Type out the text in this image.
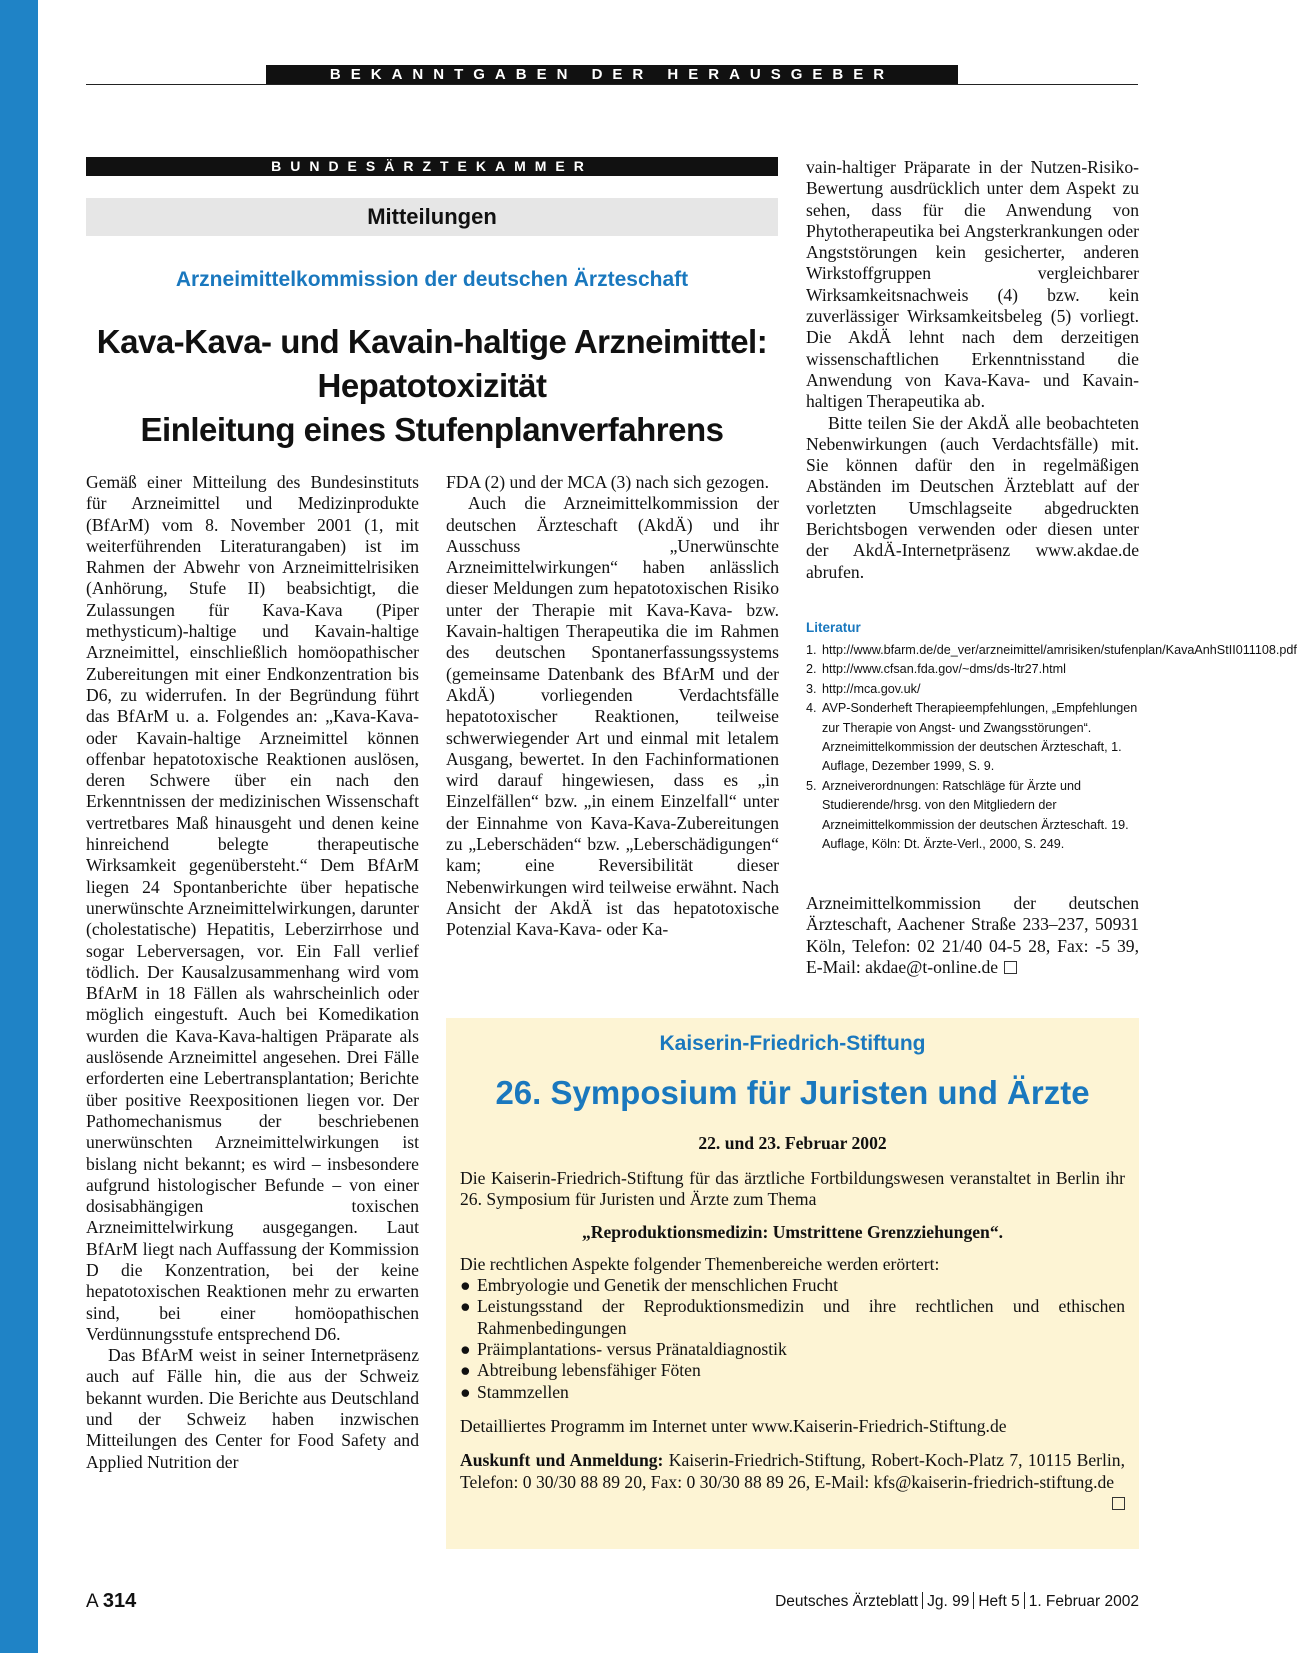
BEKANNTGABEN DER HERAUSGEBER
BUNDESÄRZTEKAMMER
Mitteilungen
Arzneimittelkommission der deutschen Ärzteschaft
Kava-Kava- und Kavain-haltige Arzneimittel:
Hepatotoxizität
Einleitung eines Stufenplanverfahrens

Gemäß einer Mitteilung des Bundesinstituts für Arzneimittel und Medizinprodukte (BfArM) vom 8. November 2001 (1, mit weiterführenden Literaturangaben) ist im Rahmen der Abwehr von Arzneimittelrisiken (Anhörung, Stufe II) beabsichtigt, die Zulassungen für Kava-Kava (Piper methysticum)-haltige und Kavain-haltige Arzneimittel, einschließlich homöopathischer Zubereitungen mit einer Endkonzentration bis D6, zu widerrufen. In der Begründung führt das BfArM u. a. Folgendes an: „Kava-Kava- oder Kavain-haltige Arzneimittel können offenbar hepatotoxische Reaktionen auslösen, deren Schwere über ein nach den Erkenntnissen der medizinischen Wissenschaft vertretbares Maß hinausgeht und denen keine hinreichend belegte therapeutische Wirksamkeit gegenübersteht.“ Dem BfArM liegen 24 Spontanberichte über hepatische unerwünschte Arzneimittelwirkungen, darunter (cholestatische) Hepatitis, Leberzirrhose und sogar Leberversagen, vor. Ein Fall verlief tödlich. Der Kausalzusammenhang wird vom BfArM in 18 Fällen als wahrscheinlich oder möglich eingestuft. Auch bei Komedikation wurden die Kava-Kava-haltigen Präparate als auslösende Arzneimittel angesehen. Drei Fälle erforderten eine Lebertransplantation; Berichte über positive Reexpositionen liegen vor. Der Pathomechanismus der beschriebenen unerwünschten Arzneimittelwirkungen ist bislang nicht bekannt; es wird – insbesondere aufgrund histologischer Befunde – von einer dosisabhängigen toxischen Arzneimittelwirkung ausgegangen. Laut BfArM liegt nach Auffassung der Kommission D die Konzentration, bei der keine hepatotoxischen Reaktionen mehr zu erwarten sind, bei einer homöopathischen Verdünnungsstufe entsprechend D6.

Das BfArM weist in seiner Internetpräsenz auch auf Fälle hin, die aus der Schweiz bekannt wurden. Die Berichte aus Deutschland und der Schweiz haben inzwischen Mitteilungen des Center for Food Safety and Applied Nutrition der

FDA (2) und der MCA (3) nach sich gezogen.

Auch die Arzneimittelkommission der deutschen Ärzteschaft (AkdÄ) und ihr Ausschuss „Unerwünschte Arzneimittelwirkungen“ haben anlässlich dieser Meldungen zum hepatotoxischen Risiko unter der Therapie mit Kava-Kava- bzw. Kavain-haltigen Therapeutika die im Rahmen des deutschen Spontanerfassungssystems (gemeinsame Datenbank des BfArM und der AkdÄ) vorliegenden Verdachtsfälle hepatotoxischer Reaktionen, teilweise schwerwiegender Art und einmal mit letalem Ausgang, bewertet. In den Fachinformationen wird darauf hingewiesen, dass es „in Einzelfällen“ bzw. „in einem Einzelfall“ unter der Einnahme von Kava-Kava-Zubereitungen zu „Leberschäden“ bzw. „Leberschädigungen“ kam; eine Reversibilität dieser Nebenwirkungen wird teilweise erwähnt. Nach Ansicht der AkdÄ ist das hepatotoxische Potenzial Kava-Kava- oder Ka-

vain-haltiger Präparate in der Nutzen-Risiko-Bewertung ausdrücklich unter dem Aspekt zu sehen, dass für die Anwendung von Phytotherapeutika bei Angsterkrankungen oder Angststörungen kein gesicherter, anderen Wirkstoffgruppen vergleichbarer Wirksamkeitsnachweis (4) bzw. kein zuverlässiger Wirksamkeitsbeleg (5) vorliegt. Die AkdÄ lehnt nach dem derzeitigen wissenschaftlichen Erkenntnisstand die Anwendung von Kava-Kava- und Kavain-haltigen Therapeutika ab.

Bitte teilen Sie der AkdÄ alle beobachteten Nebenwirkungen (auch Verdachtsfälle) mit. Sie können dafür den in regelmäßigen Abständen im Deutschen Ärzteblatt auf der vorletzten Umschlagseite abgedruckten Berichtsbogen verwenden oder diesen unter der AkdÄ-Internetpräsenz www.akdae.de abrufen.

Literatur
1. http://www.bfarm.de/de_ver/arzneimittel/amrisiken/stufenplan/KavaAnhStII011108.pdf
2. http://www.cfsan.fda.gov/~dms/ds-ltr27.html
3. http://mca.gov.uk/
4. AVP-Sonderheft Therapieempfehlungen, „Empfehlungen zur Therapie von Angst- und Zwangsstörungen“. Arzneimittelkommission der deutschen Ärzteschaft, 1. Auflage, Dezember 1999, S. 9.
5. Arzneiverordnungen: Ratschläge für Ärzte und Studierende/hrsg. von den Mitgliedern der Arzneimittelkommission der deutschen Ärzteschaft. 19. Auflage, Köln: Dt. Ärzte-Verl., 2000, S. 249.
Arzneimittelkommission der deutschen Ärzteschaft, Aachener Straße 233–237, 50931 Köln, Telefon: 02 21/40 04-5 28, Fax: -5 39, E-Mail: akdae@t-online.de
Kaiserin-Friedrich-Stiftung
26. Symposium für Juristen und Ärzte
22. und 23. Februar 2002

Die Kaiserin-Friedrich-Stiftung für das ärztliche Fortbildungswesen veranstaltet in Berlin ihr 26. Symposium für Juristen und Ärzte zum Thema

„Reproduktionsmedizin: Umstrittene Grenzziehungen“.

Die rechtlichen Aspekte folgender Themenbereiche werden erörtert:

● Embryologie und Genetik der menschlichen Frucht
● Leistungsstand der Reproduktionsmedizin und ihre rechtlichen und ethischen Rahmenbedingungen
● Präimplantations- versus Pränataldiagnostik
● Abtreibung lebensfähiger Föten
● Stammzellen

Detailliertes Programm im Internet unter www.Kaiserin-Friedrich-Stiftung.de

Auskunft und Anmeldung: Kaiserin-Friedrich-Stiftung, Robert-Koch-Platz 7, 10115 Berlin, Telefon: 0 30/30 88 89 20, Fax: 0 30/30 88 89 26, E-Mail: kfs@kaiserin-friedrich-stiftung.de

A 314	Deutsches Ärzteblatt Jg. 99 Heft 5 1. Februar 2002
